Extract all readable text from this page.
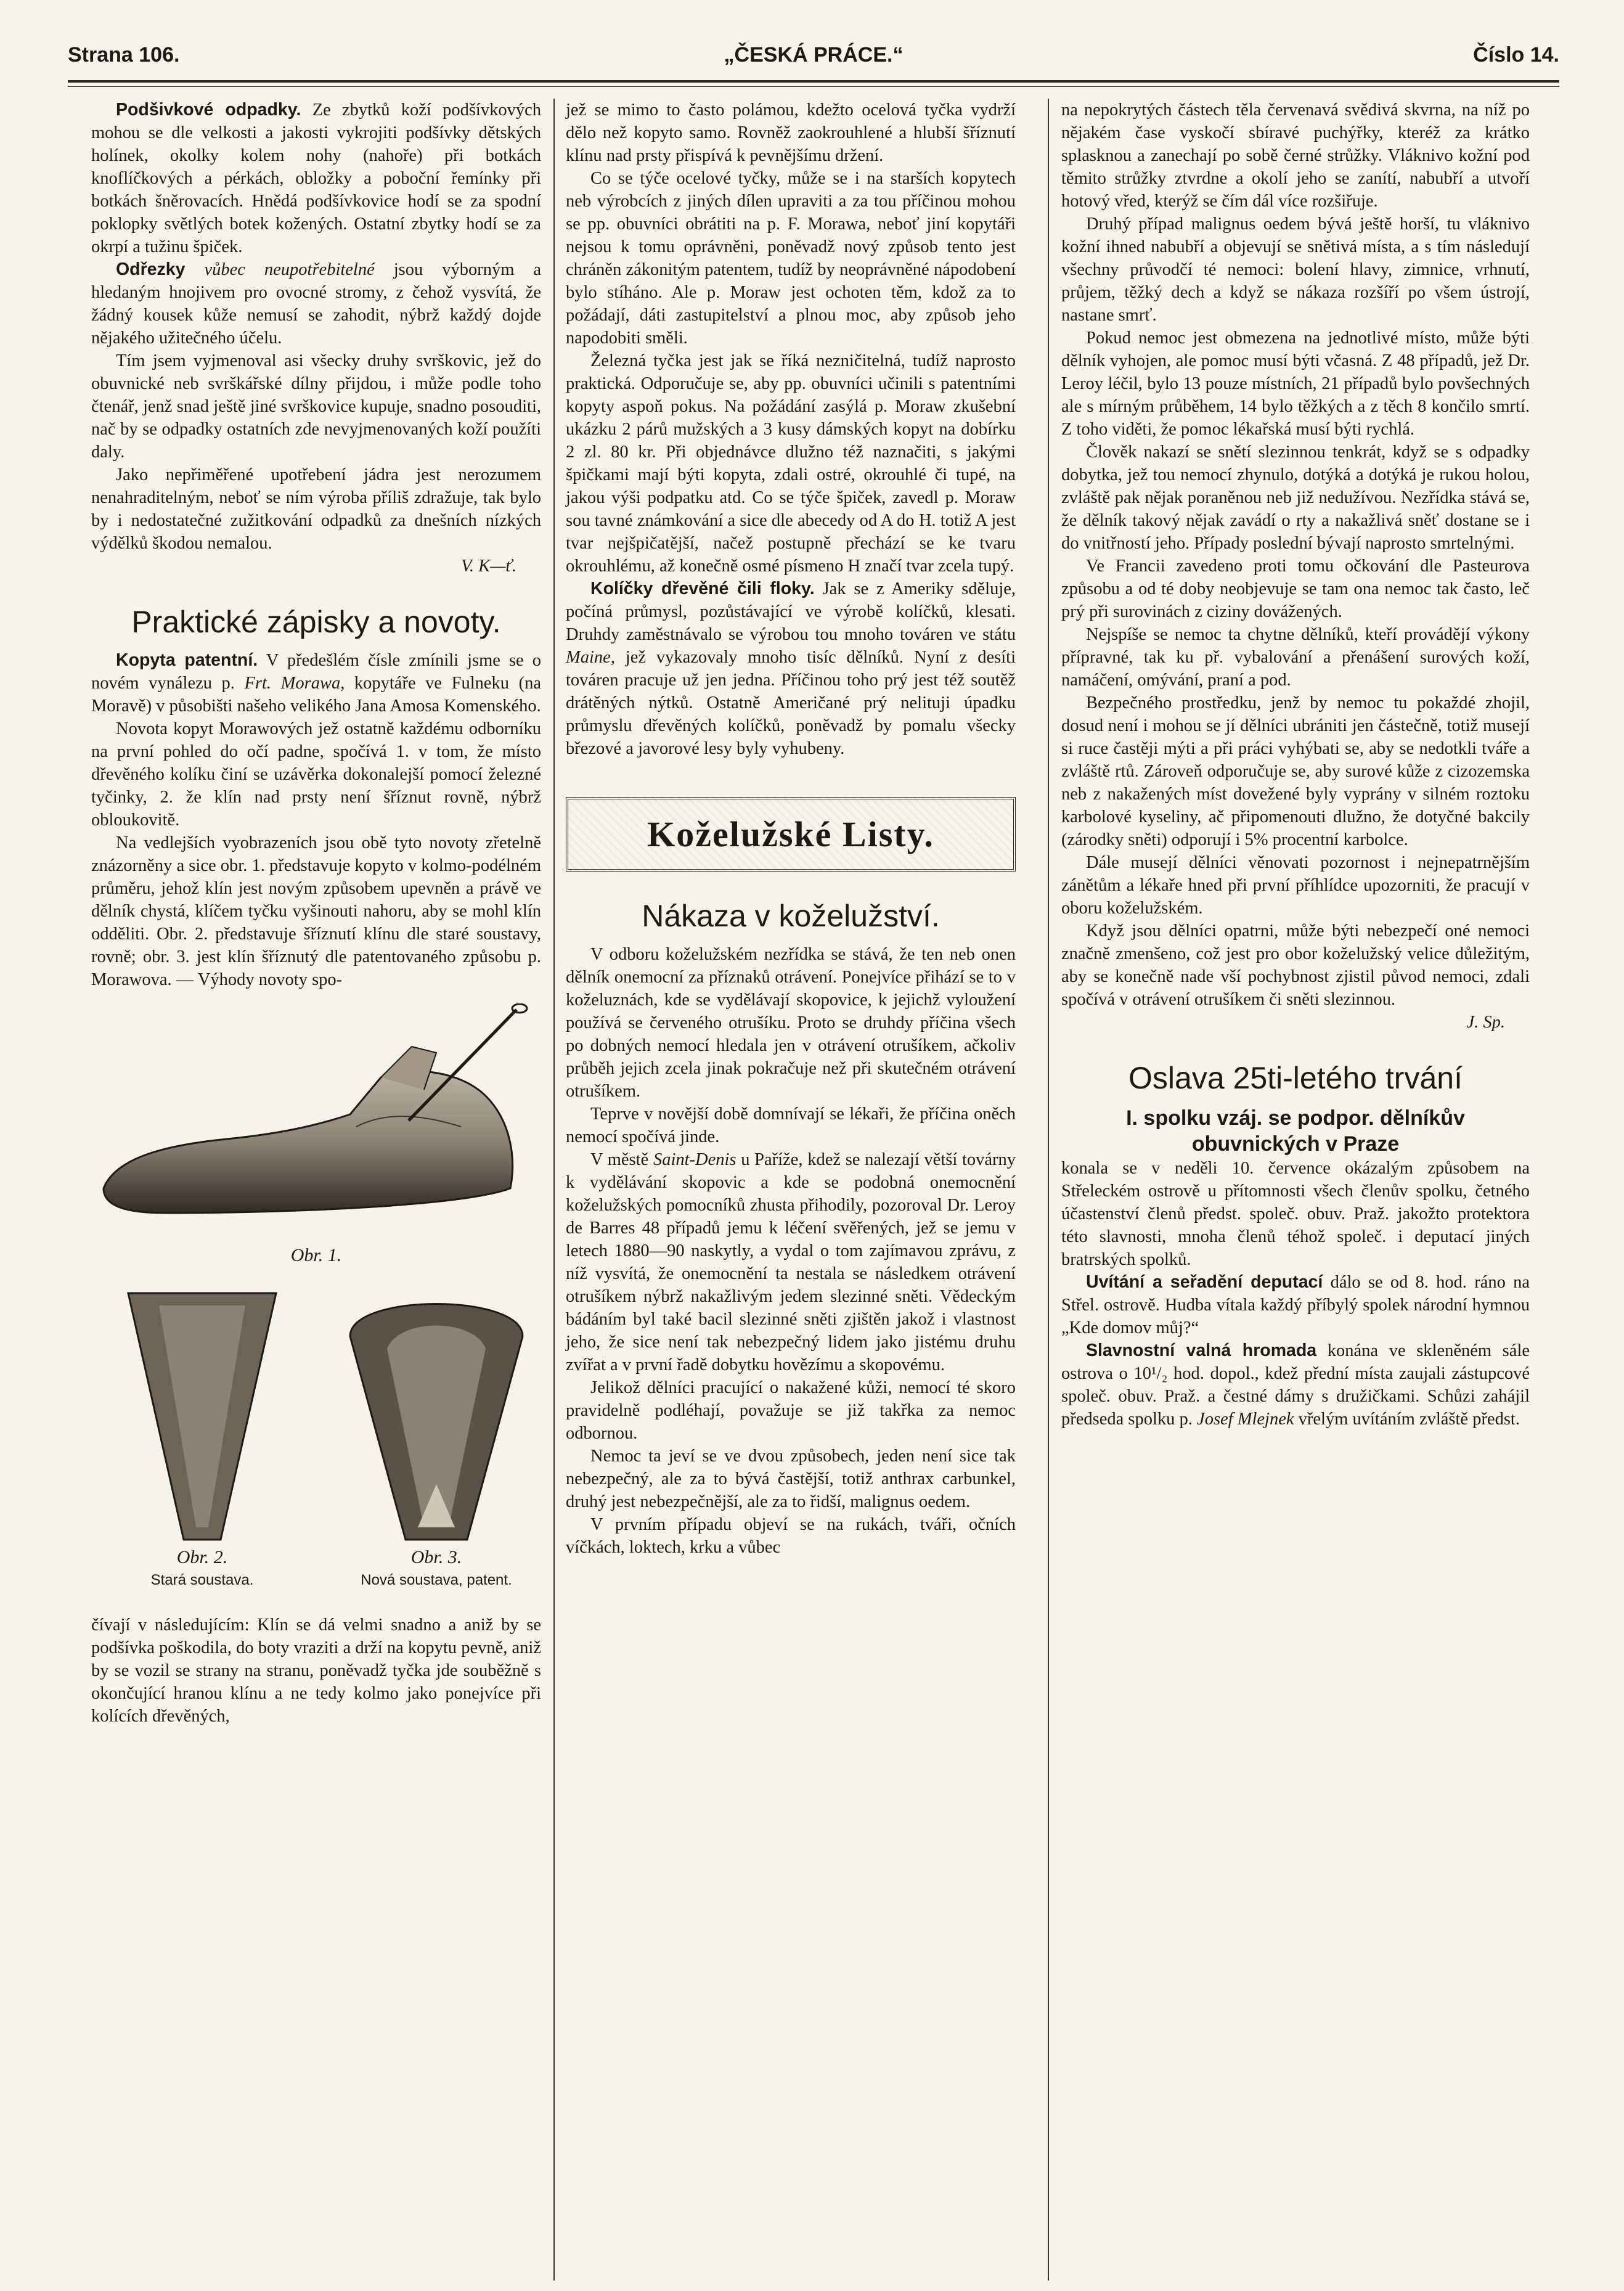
Strana 106.	„ČESKÁ PRÁCE.“	Číslo 14.

Podšivkové odpadky. Ze zbytků koží podšívkových mohou se dle velkosti a jakosti vykrojiti podšívky dětských holínek, okolky kolem nohy (nahoře) při botkách knoflíčkových a pérkách, obložky a poboční řemínky při botkách šněrovacích. Hnědá podšívkovice hodí se za spodní poklopky světlých botek kožených. Ostatní zbytky hodí se za okrpí a tužinu špiček.

Odřezky vůbec neupotřebitelné jsou výborným a hledaným hnojivem pro ovocné stromy, z čehož vysvítá, že žádný kousek kůže nemusí se zahodit, nýbrž každý dojde nějakého užitečného účelu.

Tím jsem vyjmenoval asi všecky druhy svrškovic, jež do obuvnické neb svrškářské dílny přijdou, i může podle toho čtenář, jenž snad ještě jiné svrškovice kupuje, snadno posouditi, nač by se odpadky ostatních zde nevyjmenovaných koží použíti daly.

Jako nepřiměřené upotřebení jádra jest nerozumem nenahraditelným, neboť se ním výroba příliš zdražuje, tak bylo by i nedostatečné zužitkování odpadků za dnešních nízkých výdělků škodou nemalou.

V. K—ť.
Praktické zápisky a novoty.

Kopyta patentní. V předešlém čísle zmínili jsme se o novém vynálezu p. Frt. Morawa, kopytáře ve Fulneku (na Moravě) v působišti našeho velikého Jana Amosa Komenského.

Novota kopyt Morawových jež ostatně každému odborníku na první pohled do očí padne, spočívá 1. v tom, že místo dřevěného kolíku činí se uzávěrka dokonalejší pomocí železné tyčinky, 2. že klín nad prsty není šříznut rovně, nýbrž obloukovitě.

Na vedlejších vyobrazeních jsou obě tyto novoty zřetelně znázorněny a sice obr. 1. představuje kopyto v kolmo-podélném průměru, jehož klín jest novým způsobem upevněn a právě ve dělník chystá, klíčem tyčku vyšinouti nahoru, aby se mohl klín odděliti. Obr. 2. představuje šříznutí klínu dle staré soustavy, rovně; obr. 3. jest klín šříznutý dle patentovaného způsobu p. Morawova. — Výhody novoty spo-

Obr. 1.
Obr. 2.
Stará soustava.
Obr. 3.
Nová soustava, patent.

čívají v následujícím: Klín se dá velmi snadno a aniž by se podšívka poškodila, do boty vraziti a drží na kopytu pevně, aniž by se vozil se strany na stranu, poněvadž tyčka jde souběžně s okončující hranou klínu a ne tedy kolmo jako ponejvíce při kolících dřevěných,

jež se mimo to často polámou, kdežto ocelová tyčka vydrží dělo než kopyto samo. Rovněž zaokrouhlené a hlubší šříznutí klínu nad prsty přispívá k pevnějšímu držení.

Co se týče ocelové tyčky, může se i na starších kopytech neb výrobcích z jiných dílen upraviti a za tou příčinou mohou se pp. obuvníci obrátiti na p. F. Morawa, neboť jiní kopytáři nejsou k tomu oprávněni, poněvadž nový způsob tento jest chráněn zákonitým patentem, tudíž by neoprávněné nápodobení bylo stíháno. Ale p. Moraw jest ochoten těm, kdož za to požádají, dáti zastupitelství a plnou moc, aby způsob jeho napodobiti směli.

Železná tyčka jest jak se říká nezničitelná, tudíž naprosto praktická. Odporučuje se, aby pp. obuvníci učinili s patentními kopyty aspoň pokus. Na požádání zasýlá p. Moraw zkušební ukázku 2 párů mužských a 3 kusy dámských kopyt na dobírku 2 zl. 80 kr. Při objednávce dlužno též naznačiti, s jakými špičkami mají býti kopyta, zdali ostré, okrouhlé či tupé, na jakou výši podpatku atd. Co se týče špiček, zavedl p. Moraw sou tavné známkování a sice dle abecedy od A do H. totiž A jest tvar nejšpičatější, načež postupně přechází se ke tvaru okrouhlému, až konečně osmé písmeno H značí tvar zcela tupý.

Kolíčky dřevěné čili floky. Jak se z Ameriky sděluje, počíná průmysl, pozůstávající ve výrobě kolíčků, klesati. Druhdy zaměstnávalo se výrobou tou mnoho továren ve státu Maine, jež vykazovaly mnoho tisíc dělníků. Nyní z desíti továren pracuje už jen jedna. Příčinou toho prý jest též soutěž drátěných nýtků. Ostatně Američané prý nelituji úpadku průmyslu dřevěných kolíčků, poněvadž by pomalu všecky březové a javorové lesy byly vyhubeny.

Koželužské Listy.
Nákaza v koželužství.

V odboru koželužském nezřídka se stává, že ten neb onen dělník onemocní za příznaků otrávení. Ponejvíce přihází se to v koželuznách, kde se vydělávají skopovice, k jejichž vyloužení používá se červeného otrušíku. Proto se druhdy příčina všech po dobných nemocí hledala jen v otrávení otrušíkem, ačkoliv průběh jejich zcela jinak pokračuje než při skutečném otrávení otrušíkem.

Teprve v novější době domnívají se lékaři, že příčina oněch nemocí spočívá jinde.

V městě Saint-Denis u Paříže, kdež se nalezají větší továrny k vydělávání skopovic a kde se podobná onemocnění koželužských pomocníků zhusta přihodily, pozoroval Dr. Leroy de Barres 48 případů jemu k léčení svěřených, jež se jemu v letech 1880—90 naskytly, a vydal o tom zajímavou zprávu, z níž vysvítá, že onemocnění ta nestala se následkem otrávení otrušíkem nýbrž nakažlivým jedem slezinné sněti. Vědeckým bádáním byl také bacil slezinné sněti zjištěn jakož i vlastnost jeho, že sice není tak nebezpečný lidem jako jistému druhu zvířat a v první řadě dobytku hovězímu a skopovému.

Jelikož dělníci pracující o nakažené kůži, nemocí té skoro pravidelně podléhají, považuje se již takřka za nemoc odbornou.

Nemoc ta jeví se ve dvou způsobech, jeden není sice tak nebezpečný, ale za to bývá častější, totiž anthrax carbunkel, druhý jest nebezpečnější, ale za to řidší, malignus oedem.

V prvním případu objeví se na rukách, tváři, očních víčkách, loktech, krku a vůbec

na nepokrytých částech těla červenavá svědivá skvrna, na níž po nějakém čase vyskočí sbíravé puchýřky, kteréž za krátko splasknou a zanechají po sobě černé strůžky. Vláknivo kožní pod těmito strůžky ztvrdne a okolí jeho se zanítí, nabubří a utvoří hotový vřed, kterýž se čím dál více rozšiřuje.

Druhý případ malignus oedem bývá ještě horší, tu vláknivo kožní ihned nabubří a objevují se snětivá místa, a s tím následují všechny průvodčí té nemoci: bolení hlavy, zimnice, vrhnutí, průjem, těžký dech a když se nákaza rozšíří po všem ústrojí, nastane smrť.

Pokud nemoc jest obmezena na jednotlivé místo, může býti dělník vyhojen, ale pomoc musí býti včasná. Z 48 případů, jež Dr. Leroy léčil, bylo 13 pouze místních, 21 případů bylo povšechných ale s mírným průběhem, 14 bylo těžkých a z těch 8 končilo smrtí. Z toho viděti, že pomoc lékařská musí býti rychlá.

Člověk nakazí se snětí slezinnou tenkrát, když se s odpadky dobytka, jež tou nemocí zhynulo, dotýká a dotýká je rukou holou, zvláště pak nějak poraněnou neb již nedužívou. Nezřídka stává se, že dělník takový nějak zavádí o rty a nakažlivá sněť dostane se i do vnitřností jeho. Případy poslední bývají naprosto smrtelnými.

Ve Francii zavedeno proti tomu očkování dle Pasteurova způsobu a od té doby neobjevuje se tam ona nemoc tak často, leč prý při surovinách z ciziny dovážených.

Nejspíše se nemoc ta chytne dělníků, kteří provádějí výkony přípravné, tak ku př. vybalování a přenášení surových koží, namáčení, omývání, praní a pod.

Bezpečného prostředku, jenž by nemoc tu pokaždé zhojil, dosud není i mohou se jí dělníci ubrániti jen částečně, totiž musejí si ruce častěji mýti a při práci vyhýbati se, aby se nedotkli tváře a zvláště rtů. Zároveň odporučuje se, aby surové kůže z cizozemska neb z nakažených míst dovežené byly vyprány v silném roztoku karbolové kyseliny, ač připomenouti dlužno, že dotyčné bakcily (zárodky sněti) odporují i 5% procentní karbolce.

Dále musejí dělníci věnovati pozornost i nejnepatrnějším zánětům a lékaře hned při první příhlídce upozorniti, že pracují v oboru koželužském.

Když jsou dělníci opatrni, může býti nebezpečí oné nemoci značně zmenšeno, což jest pro obor koželužský velice důležitým, aby se konečně nade vší pochybnost zjistil původ nemoci, zdali spočívá v otrávení otrušíkem či sněti slezinnou.

J. Sp.
Oslava 25ti-letého trvání
I. spolku vzáj. se podpor. dělníkův obuvnických v Praze

konala se v neděli 10. července okázalým způsobem na Střeleckém ostrově u přítomnosti všech členův spolku, četného účastenství členů předst. společ. obuv. Praž. jakožto protektora této slavnosti, mnoha členů téhož společ. i deputací jiných bratrských spolků.

Uvítání a seřadění deputací dálo se od 8. hod. ráno na Střel. ostrově. Hudba vítala každý příbylý spolek národní hymnou „Kde domov můj?“

Slavnostní valná hromada konána ve skleněném sále ostrova o 10¹/₂ hod. dopol., kdež přední místa zaujali zástupcové společ. obuv. Praž. a čestné dámy s družičkami. Schůzi zahájil předseda spolku p. Josef Mlejnek vřelým uvítáním zvláště předst.
